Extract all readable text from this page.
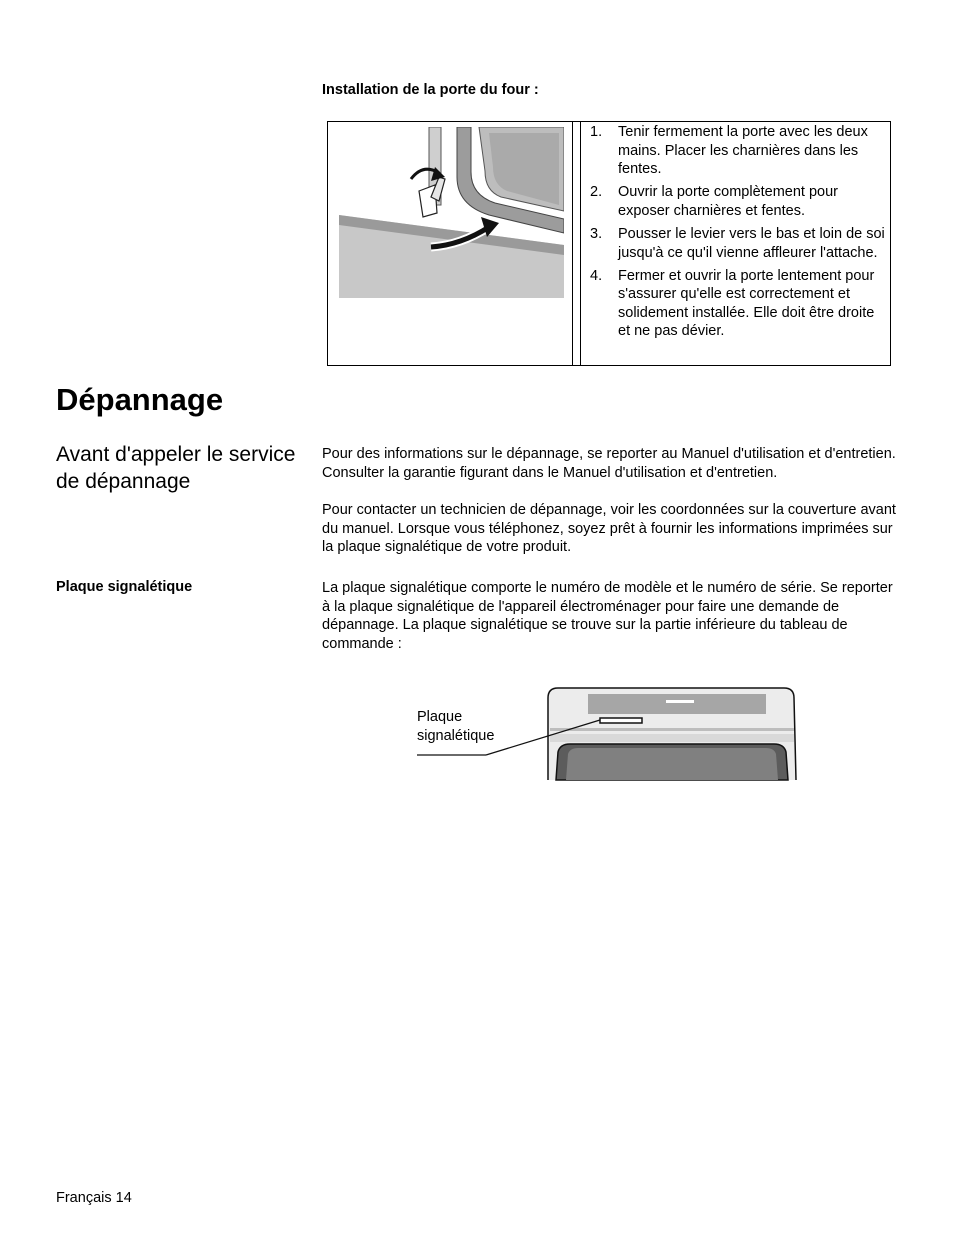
Installation de la porte du four :
1. Tenir fermement la porte avec les deux mains. Placer les charnières dans les fentes.
2. Ouvrir la porte complètement pour exposer charnières et fentes.
3. Pousser le levier vers le bas et loin de soi jusqu'à ce qu'il vienne affleurer l'attache.
4. Fermer et ouvrir la porte lentement pour s'assurer qu'elle est correctement et solidement installée. Elle doit être droite et ne pas dévier.
Dépannage
Avant d'appeler le service de dépannage
Pour des informations sur le dépannage, se reporter au Manuel d'utilisation et d'entretien. Consulter la garantie figurant dans le Manuel d'utilisation et d'entretien.
Pour contacter un technicien de dépannage, voir les coordonnées sur la couverture avant du manuel. Lorsque vous téléphonez, soyez prêt à fournir les informations imprimées sur la plaque signalétique de votre produit.
Plaque signalétique	La plaque signalétique comporte le numéro de modèle et le numéro de série. Se reporter à la plaque signalétique de l'appareil électroménager pour faire une demande de dépannage. La plaque signalétique se trouve sur la partie inférieure du tableau de commande :
Plaque
signalétique
Français 14
